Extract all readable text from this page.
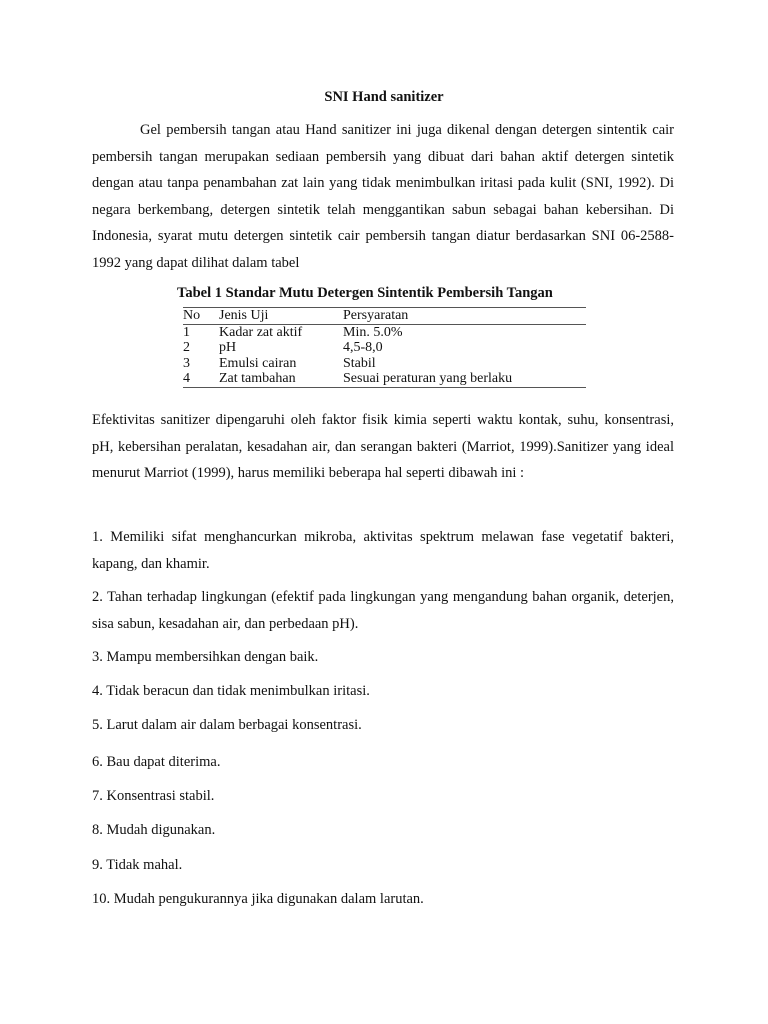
SNI Hand sanitizer

Gel pembersih tangan atau Hand sanitizer ini juga dikenal dengan detergen sintentik cair pembersih tangan merupakan sediaan pembersih yang dibuat dari bahan aktif detergen sintetik dengan atau tanpa penambahan zat lain yang tidak menimbulkan iritasi pada kulit (SNI, 1992). Di negara berkembang, detergen sintetik telah menggantikan sabun sebagai bahan kebersihan. Di Indonesia, syarat mutu detergen sintetik cair pembersih tangan diatur berdasarkan SNI 06-2588- 1992 yang dapat dilihat dalam tabel

Tabel 1 Standar Mutu Detergen Sintentik Pembersih Tangan
No	Jenis Uji	Persyaratan
1	Kadar zat aktif	Min. 5.0%
2	pH	4,5-8,0
3	Emulsi cairan	Stabil
4	Zat tambahan	Sesuai peraturan yang berlaku

Efektivitas sanitizer dipengaruhi oleh faktor fisik kimia seperti waktu kontak, suhu, konsentrasi, pH, kebersihan peralatan, kesadahan air, dan serangan bakteri (Marriot, 1999).Sanitizer yang ideal menurut Marriot (1999), harus memiliki beberapa hal seperti dibawah ini :

1. Memiliki sifat menghancurkan mikroba, aktivitas spektrum melawan fase vegetatif bakteri, kapang, dan khamir.

2. Tahan terhadap lingkungan (efektif pada lingkungan yang mengandung bahan organik, deterjen, sisa sabun, kesadahan air, dan perbedaan pH).

3. Mampu membersihkan dengan baik.

4. Tidak beracun dan tidak menimbulkan iritasi.

5. Larut dalam air dalam berbagai konsentrasi.

6. Bau dapat diterima.

7. Konsentrasi stabil.

8. Mudah digunakan.

9. Tidak mahal.

10. Mudah pengukurannya jika digunakan dalam larutan.
